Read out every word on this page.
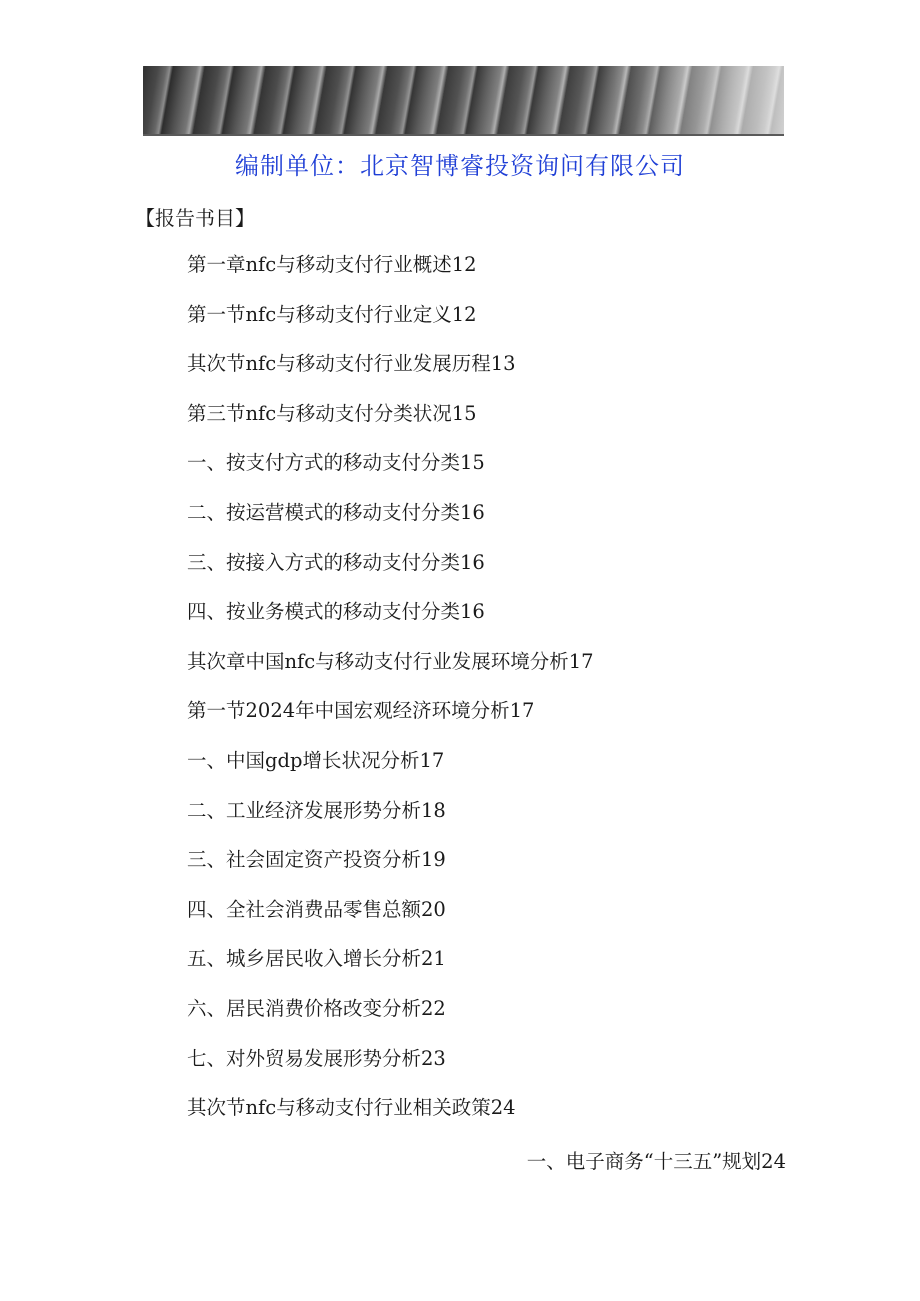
编制单位：北京智博睿投资询问有限公司
【报告书目】
第一章nfc与移动支付行业概述12
第一节nfc与移动支付行业定义12
其次节nfc与移动支付行业发展历程13
第三节nfc与移动支付分类状况15
一、按支付方式的移动支付分类15
二、按运营模式的移动支付分类16
三、按接入方式的移动支付分类16
四、按业务模式的移动支付分类16
其次章中国nfc与移动支付行业发展环境分析17
第一节2024年中国宏观经济环境分析17
一、中国gdp增长状况分析17
二、工业经济发展形势分析18
三、社会固定资产投资分析19
四、全社会消费品零售总额20
五、城乡居民收入增长分析21
六、居民消费价格改变分析22
七、对外贸易发展形势分析23
其次节nfc与移动支付行业相关政策24
一、电子商务“十三五”规划24
